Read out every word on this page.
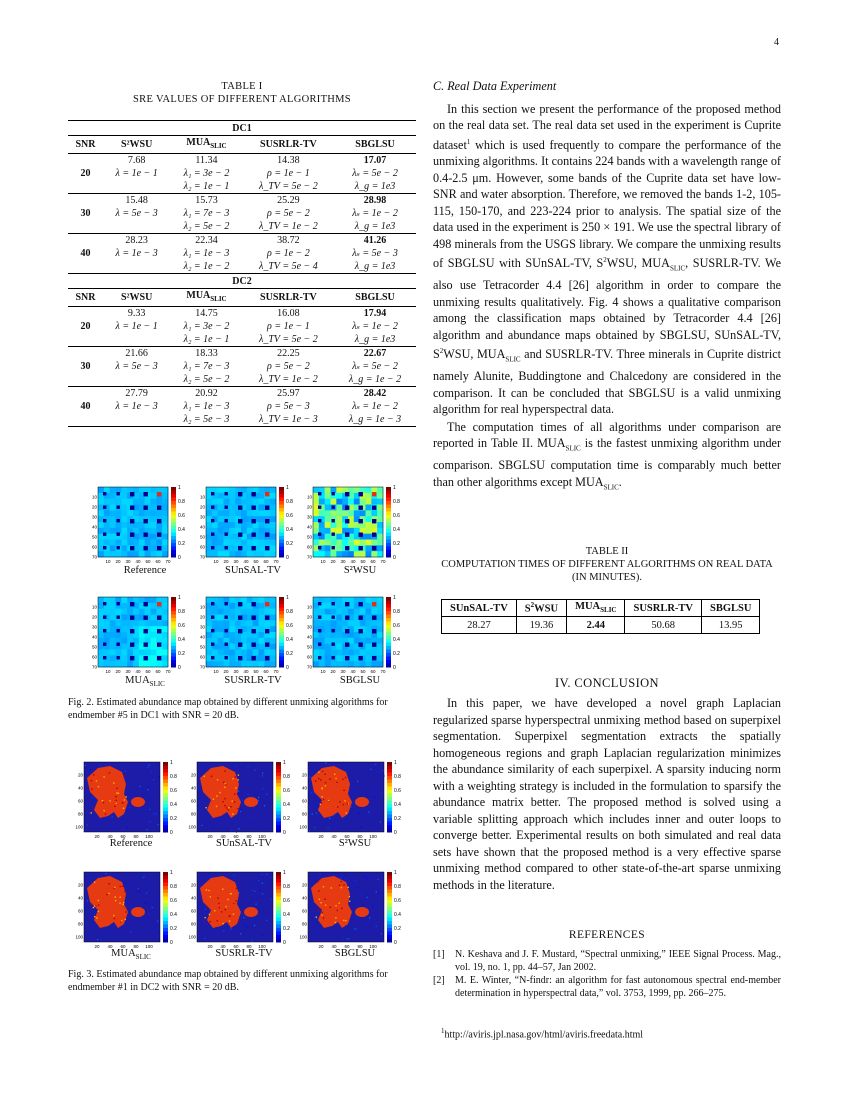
4
TABLE I
SRE VALUES OF DIFFERENT ALGORITHMS
DC1				
SNR	S²WSU	$MUA_{SLIC}$	SUSRLR-TV	SBGLSU
20	7.68	11.34	14.38	17.07
	λ = 1e − 1	λ₁ = 3e − 2	ρ = 1e − 1	λₛ = 5e − 2
		λ₂ = 1e − 1	λ_TV = 5e − 2	λ_g = 1e3
30	15.48	15.73	25.29	28.98
	λ = 5e − 3	λ₁ = 7e − 3	ρ = 5e − 2	λₛ = 1e − 2
		λ₂ = 5e − 2	λ_TV = 1e − 2	λ_g = 1e3
40	28.23	22.34	38.72	41.26
	λ = 1e − 3	λ₁ = 1e − 3	ρ = 1e − 2	λₛ = 5e − 3
		λ₂ = 1e − 2	λ_TV = 5e − 4	λ_g = 1e3
DC2				
SNR	S²WSU	$MUA_{SLIC}$	SUSRLR-TV	SBGLSU
20	9.33	14.75	16.08	17.94
	λ = 1e − 1	λ₁ = 3e − 2	ρ = 1e − 1	λₛ = 1e − 2
		λ₂ = 1e − 1	λ_TV = 5e − 2	λ_g = 1e3
30	21.66	18.33	22.25	22.67
	λ = 5e − 3	λ₁ = 7e − 3	ρ = 5e − 2	λₛ = 5e − 2
		λ₂ = 5e − 2	λ_TV = 1e − 2	λ_g = 1e − 2
40	27.79	20.92	25.97	28.42
	λ = 1e − 3	λ₁ = 1e − 3	ρ = 5e − 3	λₛ = 1e − 2
		λ₂ = 5e − 3	λ_TV = 1e − 3	λ_g = 1e − 3
10
10
20
20
30
30
40
40
50
50
60
60
70
70
1
0.8
0.6
0.4
0.2
0
Reference
10
10
20
20
30
30
40
40
50
50
60
60
70
70
1
0.8
0.6
0.4
0.2
0
SUnSAL-TV
10
10
20
20
30
30
40
40
50
50
60
60
70
70
1
0.8
0.6
0.4
0.2
0
S²WSU
10
10
20
20
30
30
40
40
50
50
60
60
70
70
1
0.8
0.6
0.4
0.2
0
$MUA_{SLIC}$
10
10
20
20
30
30
40
40
50
50
60
60
70
70
1
0.8
0.6
0.4
0.2
0
SUSRLR-TV
10
10
20
20
30
30
40
40
50
50
60
60
70
70
1
0.8
0.6
0.4
0.2
0
SBGLSU
Fig. 2. Estimated abundance map obtained by different unmixing algorithms for endmember #5 in DC1 with SNR = 20 dB.
20
40
60
80
100
20 40 60 80 100
1
0.8
0.6
0.4
0.2
0
Reference
20
40
60
80
100
20 40 60 80 100
1
0.8
0.6
0.4
0.2
0
SUnSAL-TV
20
40
60
80
100
20 40 60 80 100
1
0.8
0.6
0.4
0.2
0
S²WSU
20
40
60
80
100
20 40 60 80 100
1
0.8
0.6
0.4
0.2
0
$MUA_{SLIC}$
20
40
60
80
100
20 40 60 80 100
1
0.8
0.6
0.4
0.2
0
SUSRLR-TV
20
40
60
80
100
20 40 60 80 100
1
0.8
0.6
0.4
0.2
0
SBGLSU
Fig. 3. Estimated abundance map obtained by different unmixing algorithms for endmember #1 in DC2 with SNR = 20 dB.
C. Real Data Experiment

In this section we present the performance of the proposed method on the real data set. The real data set used in the experiment is Cuprite dataset$^1$ which is used frequently to compare the performance of the unmixing algorithms. It contains 224 bands with a wavelength range of 0.4-2.5 μm. However, some bands of the Cuprite data set have low-SNR and water absorption. Therefore, we removed the bands 1-2, 105-115, 150-170, and 223-224 prior to analysis. The spatial size of the data used in the experiment is 250 × 191. We use the spectral library of 498 minerals from the USGS library. We compare the unmixing results of SBGLSU with SUnSAL-TV, $S^2WSU$, $MUA_{SLIC}$, SUSRLR-TV. We also use Tetracorder 4.4 [26] algorithm in order to compare the unmixing results qualitatively. Fig. 4 shows a qualitative comparison among the classification maps obtained by Tetracorder 4.4 [26] algorithm and abundance maps obtained by SBGLSU, SUnSAL-TV, $S^2WSU$, $MUA_{SLIC}$ and SUSRLR-TV. Three minerals in Cuprite district namely Alunite, Buddingtone and Chalcedony are considered in the comparison. It can be concluded that SBGLSU is a valid unmixing algorithm for real hyperspectral data.

The computation times of all algorithms under comparison are reported in Table II. $MUA_{SLIC}$ is the fastest unmixing algorithm under comparison. SBGLSU computation time is comparably much better than other algorithms except $MUA_{SLIC}$.

TABLE II
COMPUTATION TIMES OF DIFFERENT ALGORITHMS ON REAL DATA (IN MINUTES).
SUnSAL-TV	$S^2WSU$	$MUA_{SLIC}$	SUSRLR-TV	SBGLSU
28.27	19.36	2.44	50.68	13.95
IV. CONCLUSION

In this paper, we have developed a novel graph Laplacian regularized sparse hyperspectral unmixing method based on superpixel segmentation. Superpixel segmentation extracts the spatially homogeneous regions and graph Laplacian regularization minimizes the abundance similarity of each superpixel. A sparsity inducing norm with a weighting strategy is included in the formulation to sparsify the abundance matrix better. The proposed method is solved using a variable splitting approach which includes inner and outer loops to converge better. Experimental results on both simulated and real data sets have shown that the proposed method is a very effective sparse unmixing method compared to other state-of-the-art sparse unmixing methods in the literature.

REFERENCES
[1]	N. Keshava and J. F. Mustard, “Spectral unmixing,” IEEE Signal Process. Mag., vol. 19, no. 1, pp. 44–57, Jan 2002.
[2]	M. E. Winter, “N-findr: an algorithm for fast autonomous spectral end-member determination in hyperspectral data,” vol. 3753, 1999, pp. 266–275.
$^1$http://aviris.jpl.nasa.gov/html/aviris.freedata.html
